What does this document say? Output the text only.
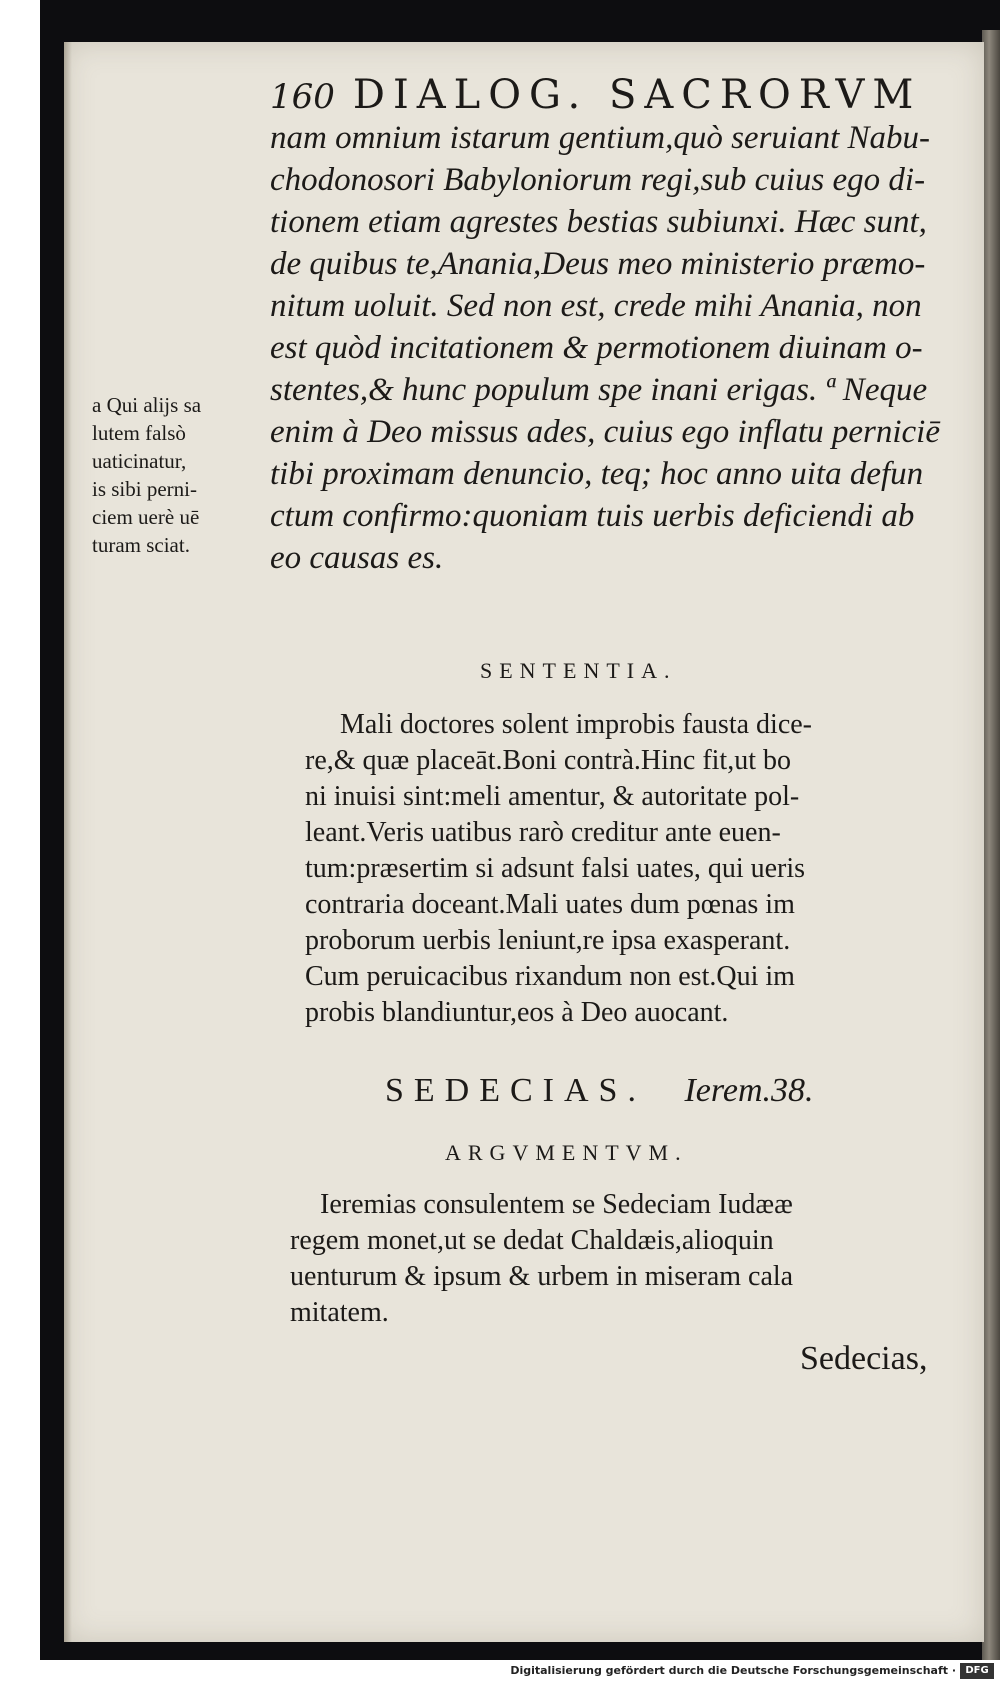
160 DIALOG. SACRORVM
nam omnium istarum gentium,quò seruiant Nabu-
chodonosori Babyloniorum regi,sub cuius ego di-
tionem etiam agrestes bestias subiunxi. Hæc sunt,
de quibus te,Anania,Deus meo ministerio præmo-
nitum uoluit. Sed non est, crede mihi Anania, non
est quòd incitationem & permotionem diuinam o-
stentes,& hunc populum spe inani erigas. ª Neque
enim à Deo missus ades, cuius ego inflatu perniciē
tibi proximam denuncio, teq; hoc anno uita defun
ctum confirmo:quoniam tuis uerbis deficiendi ab
eo causas es.
a Qui alijs sa
lutem falsò
uaticinatur,
is sibi perni-
ciem uerè uē
turam sciat.
SENTENTIA.
Mali doctores solent improbis fausta dice-
re,& quæ placeāt.Boni contrà.Hinc fit,ut bo
ni inuisi sint:meli amentur, & autoritate pol-
leant.Veris uatibus rarò creditur ante euen-
tum:præsertim si adsunt falsi uates, qui ueris
contraria doceant.Mali uates dum pœnas im
proborum uerbis leniunt,re ipsa exasperant.
Cum peruicacibus rixandum non est.Qui im
probis blandiuntur,eos à Deo auocant.
SEDECIAS. Ierem.38.
ARGVMENTVM.
Ieremias consulentem se Sedeciam Iudææ
regem monet,ut se dedat Chaldæis,alioquin
uenturum & ipsum & urbem in miseram cala
mitatem.
Sedecias,
Digitalisierung gefördert durch die Deutsche Forschungsgemeinschaft · DFG
